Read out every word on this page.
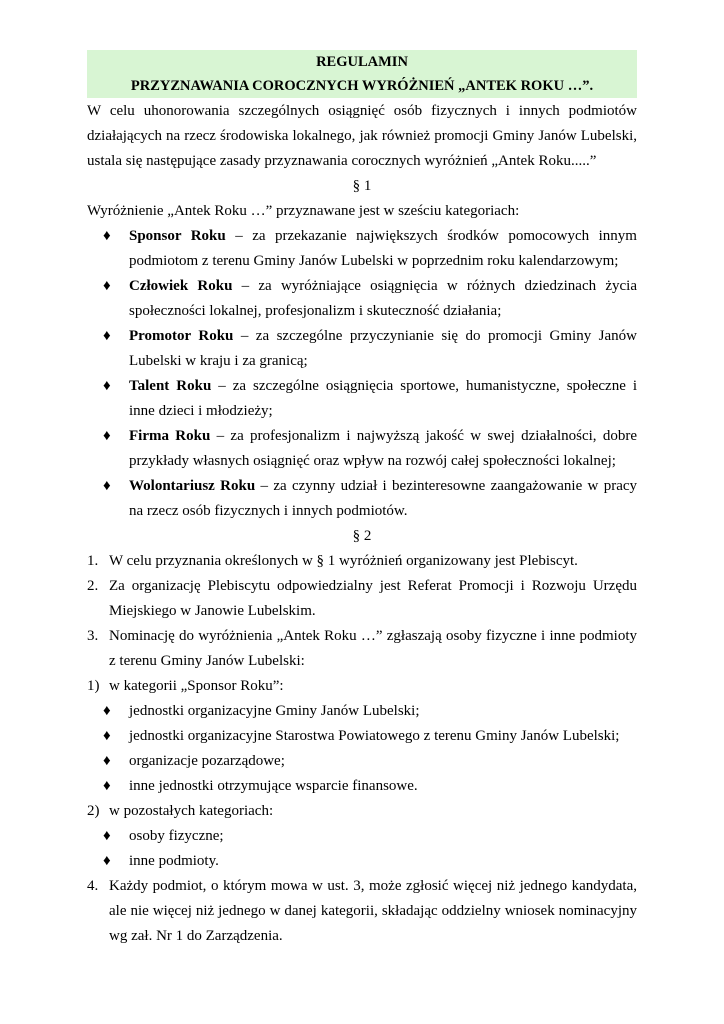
REGULAMIN
PRZYZNAWANIA COROCZNYCH WYRÓŻNIEŃ „ANTEK ROKU …”.

W celu uhonorowania szczególnych osiągnięć osób fizycznych i innych podmiotów działających na rzecz środowiska lokalnego, jak również promocji Gminy Janów Lubelski, ustala się następujące zasady przyznawania corocznych wyróżnień „Antek Roku.....”

§ 1

Wyróżnienie „Antek Roku …” przyznawane jest w sześciu kategoriach:

♦ Sponsor Roku – za przekazanie największych środków pomocowych innym podmiotom z terenu Gminy Janów Lubelski w poprzednim roku kalendarzowym;
♦ Człowiek Roku – za wyróżniające osiągnięcia w różnych dziedzinach życia społeczności lokalnej, profesjonalizm i skuteczność działania;
♦ Promotor Roku – za szczególne przyczynianie się do promocji Gminy Janów Lubelski w kraju i za granicą;
♦ Talent Roku – za szczególne osiągnięcia sportowe, humanistyczne, społeczne i inne dzieci i młodzieży;
♦ Firma Roku – za profesjonalizm i najwyższą jakość w swej działalności, dobre przykłady własnych osiągnięć oraz wpływ na rozwój całej społeczności lokalnej;
♦ Wolontariusz Roku – za czynny udział i bezinteresowne zaangażowanie w pracy na rzecz osób fizycznych i innych podmiotów.
§ 2
1. W celu przyznania określonych w § 1 wyróżnień organizowany jest Plebiscyt.
2. Za organizację Plebiscytu odpowiedzialny jest Referat Promocji i Rozwoju Urzędu Miejskiego w Janowie Lubelskim.
3. Nominację do wyróżnienia „Antek Roku …” zgłaszają osoby fizyczne i inne podmioty z terenu Gminy Janów Lubelski:
1) w kategorii „Sponsor Roku”:
♦ jednostki organizacyjne Gminy Janów Lubelski;
♦ jednostki organizacyjne Starostwa Powiatowego z terenu Gminy Janów Lubelski;
♦ organizacje pozarządowe;
♦ inne jednostki otrzymujące wsparcie finansowe.
2) w pozostałych kategoriach:
♦ osoby fizyczne;
♦ inne podmioty.
4. Każdy podmiot, o którym mowa w ust. 3, może zgłosić więcej niż jednego kandydata, ale nie więcej niż jednego w danej kategorii, składając oddzielny wniosek nominacyjny wg zał. Nr 1 do Zarządzenia.
